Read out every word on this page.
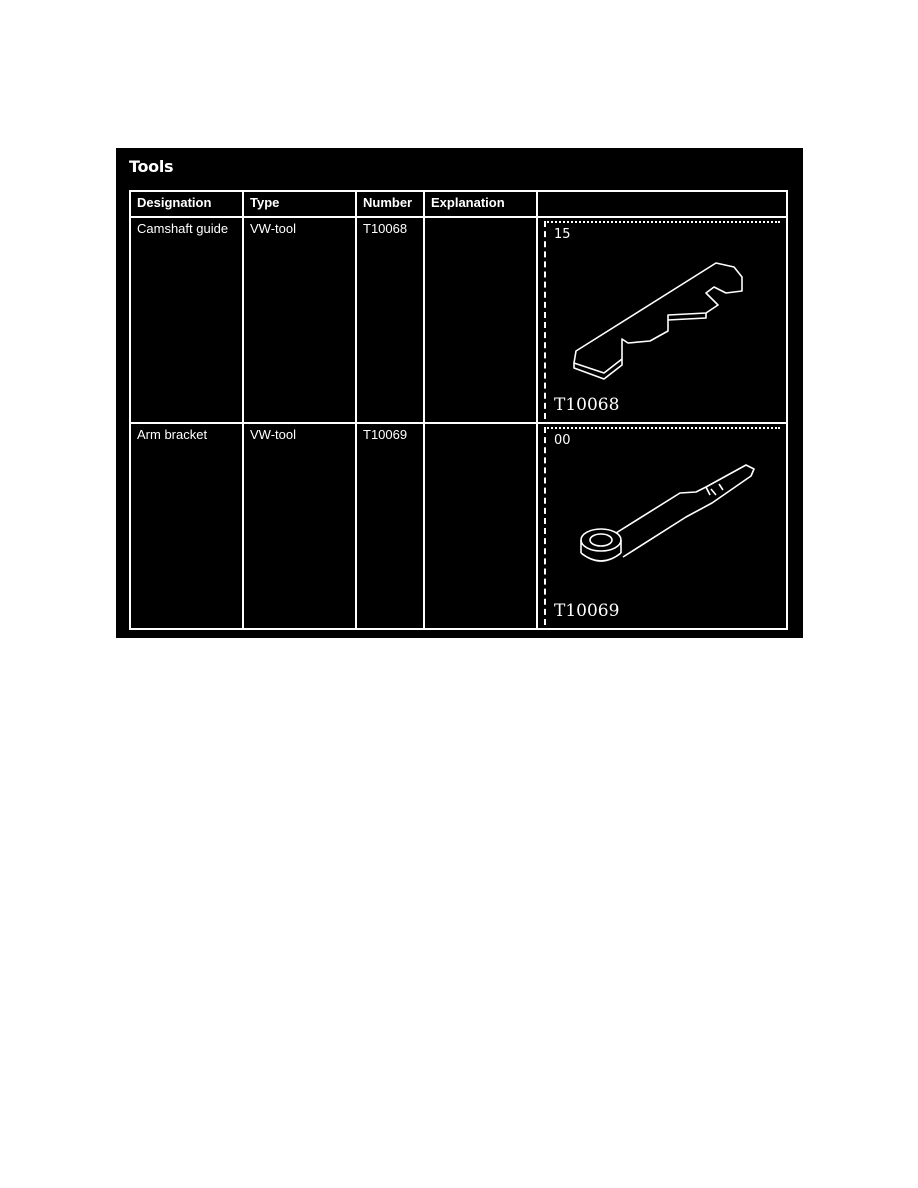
Tools
Designation	Type	Number	Explanation	
Camshaft guide	VW-tool	T10068		15
T10068

Arm bracket	VW-tool	T10069		00
T10069
